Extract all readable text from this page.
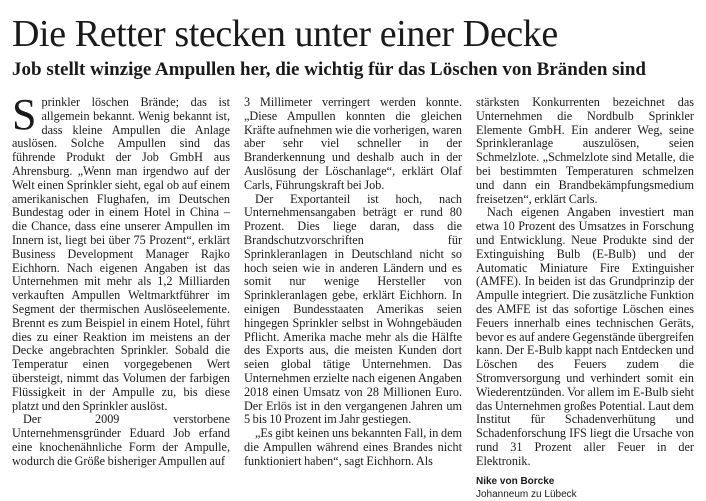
Die Retter stecken unter einer Decke
Job stellt winzige Ampullen her, die wichtig für das Löschen von Bränden sind

Sprinkler löschen Brände; das ist allgemein bekannt. Wenig bekannt ist, dass kleine Ampullen die Anlage auslösen. Solche Ampullen sind das führende Produkt der Job GmbH aus Ahrensburg. „Wenn man irgendwo auf der Welt einen Sprinkler sieht, egal ob auf einem amerikanischen Flughafen, im Deutschen Bundestag oder in einem Hotel in China – die Chance, dass eine unserer Ampullen im Innern ist, liegt bei über 75 Prozent“, erklärt Business Development Manager Rajko Eichhorn. Nach eigenen Angaben ist das Unternehmen mit mehr als 1,2 Milliarden verkauften Ampullen Weltmarktführer im Segment der thermischen Auslöseelemente. Brennt es zum Beispiel in einem Hotel, führt dies zu einer Reaktion im meistens an der Decke angebrachten Sprinkler. Sobald die Temperatur einen vorgegebenen Wert übersteigt, nimmt das Volumen der farbigen Flüssigkeit in der Ampulle zu, bis diese platzt und den Sprinkler auslöst.

Der 2009 verstorbene Unternehmensgründer Eduard Job erfand eine knochenähnliche Form der Ampulle, wodurch die Größe bisheriger Ampullen auf

3 Millimeter verringert werden konnte. „Diese Ampullen konnten die gleichen Kräfte aufnehmen wie die vorherigen, waren aber sehr viel schneller in der Branderkennung und deshalb auch in der Auslösung der Löschanlage“, erklärt Olaf Carls, Führungskraft bei Job.

Der Exportanteil ist hoch, nach Unternehmensangaben beträgt er rund 80 Prozent. Dies liege daran, dass die Brandschutzvorschriften für Sprinkleranlagen in Deutschland nicht so hoch seien wie in anderen Ländern und es somit nur wenige Hersteller von Sprinkleranlagen gebe, erklärt Eichhorn. In einigen Bundesstaaten Amerikas seien hingegen Sprinkler selbst in Wohngebäuden Pflicht. Amerika mache mehr als die Hälfte des Exports aus, die meisten Kunden dort seien global tätige Unternehmen. Das Unternehmen erzielte nach eigenen Angaben 2018 einen Umsatz von 28 Millionen Euro. Der Erlös ist in den vergangenen Jahren um 5 bis 10 Prozent im Jahr gestiegen.

„Es gibt keinen uns bekannten Fall, in dem die Ampullen während eines Brandes nicht funktioniert haben“, sagt Eichhorn. Als

stärksten Konkurrenten bezeichnet das Unternehmen die Nordbulb Sprinkler Elemente GmbH. Ein anderer Weg, seine Sprinkleranlage auszulösen, seien Schmelzlote. „Schmelzlote sind Metalle, die bei bestimmten Temperaturen schmelzen und dann ein Brandbekämpfungsmedium freisetzen“, erklärt Carls.

Nach eigenen Angaben investiert man etwa 10 Prozent des Umsatzes in Forschung und Entwicklung. Neue Produkte sind der Extinguishing Bulb (E-Bulb) und der Automatic Miniature Fire Extinguisher (AMFE). In beiden ist das Grundprinzip der Ampulle integriert. Die zusätzliche Funktion des AMFE ist das sofortige Löschen eines Feuers innerhalb eines technischen Geräts, bevor es auf andere Gegenstände übergreifen kann. Der E-Bulb kappt nach Entdecken und Löschen des Feuers zudem die Stromversorgung und verhindert somit ein Wiederentzünden. Vor allem im E-Bulb sieht das Unternehmen großes Potential. Laut dem Institut für Schadenverhütung und Schadenforschung IFS liegt die Ursache von rund 31 Prozent aller Feuer in der Elektronik.

Nike von Borcke
Johanneum zu Lübeck
